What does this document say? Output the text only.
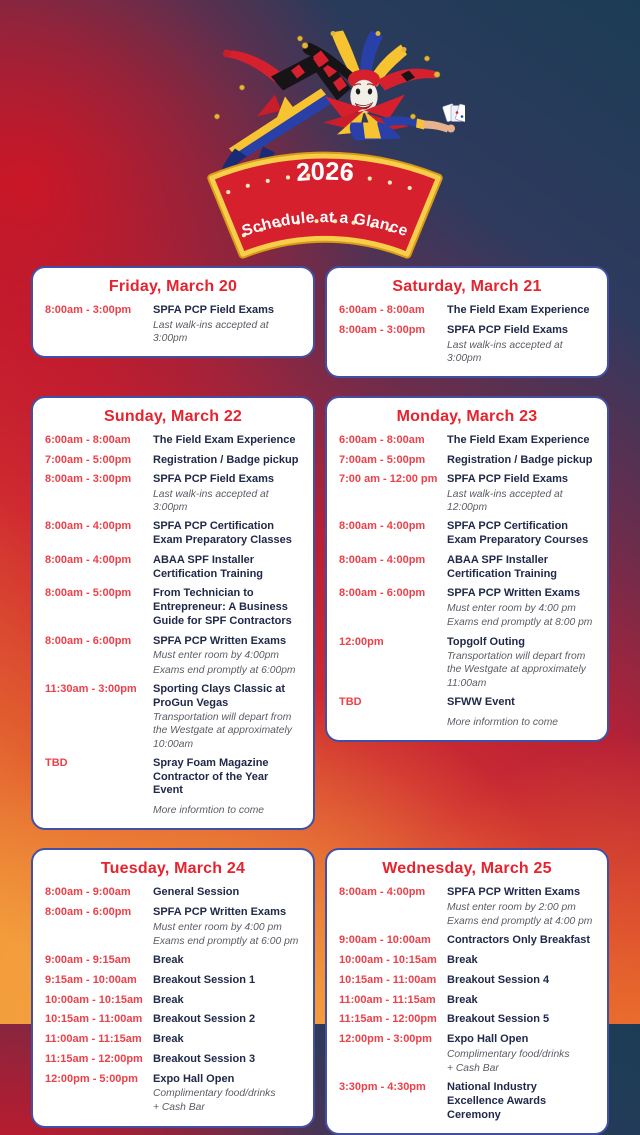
2026
Schedule at a Glance
Friday, March 20
8:00am - 3:00pm	SPFA PCP Field Exams
Last walk-ins accepted at 3:00pm
Saturday, March 21
6:00am - 8:00am	The Field Exam Experience
8:00am - 3:00pm	SPFA PCP Field Exams
Last walk-ins accepted at 3:00pm
Sunday, March 22
6:00am - 8:00am	The Field Exam Experience
7:00am - 5:00pm	Registration / Badge pickup
8:00am - 3:00pm	SPFA PCP Field Exams
Last walk-ins accepted at 3:00pm
8:00am - 4:00pm	SPFA PCP Certification Exam Preparatory Classes
8:00am - 4:00pm	ABAA SPF Installer Certification Training
8:00am - 5:00pm	From Technician to Entrepreneur: A Business Guide for SPF Contractors
8:00am - 6:00pm	SPFA PCP Written Exams
Must enter room by 4:00pm
Exams end promptly at 6:00pm
11:30am - 3:00pm	Sporting Clays Classic at ProGun Vegas
Transportation will depart from the Westgate at approximately 10:00am
TBD	Spray Foam Magazine Contractor of the Year Event
More informtion to come
Monday, March 23
6:00am - 8:00am	The Field Exam Experience
7:00am - 5:00pm	Registration / Badge pickup
7:00 am - 12:00 pm SPFA PCP Field Exams
Last walk-ins accepted at 12:00pm
8:00am - 4:00pm	SPFA PCP Certification Exam Preparatory Courses
8:00am - 4:00pm	ABAA SPF Installer Certification Training
8:00am - 6:00pm	SPFA PCP Written Exams
Must enter room by 4:00 pm
Exams end promptly at 8:00 pm
12:00pm	Topgolf Outing
Transportation will depart from the Westgate at approximately 11:00am
TBD	SFWW Event
More informtion to come
Tuesday, March 24
8:00am - 9:00am	General Session
8:00am - 6:00pm	SPFA PCP Written Exams
Must enter room by 4:00 pm
Exams end promptly at 6:00 pm
9:00am - 9:15am	Break
9:15am - 10:00am	Breakout Session 1
10:00am - 10:15am Break
10:15am - 11:00am Breakout Session 2
11:00am - 11:15am	Break
11:15am - 12:00pm Breakout Session 3
12:00pm - 5:00pm	Expo Hall Open
Complimentary food/drinks
+ Cash Bar
Wednesday, March 25
8:00am - 4:00pm	SPFA PCP Written Exams
Must enter room by 2:00 pm
Exams end promptly at 4:00 pm
9:00am - 10:00am	Contractors Only Breakfast
10:00am - 10:15am Break
10:15am - 11:00am Breakout Session 4
11:00am - 11:15am	Break
11:15am - 12:00pm Breakout Session 5
12:00pm - 3:00pm	Expo Hall Open
Complimentary food/drinks
+ Cash Bar
3:30pm - 4:30pm	National Industry Excellence Awards Ceremony
